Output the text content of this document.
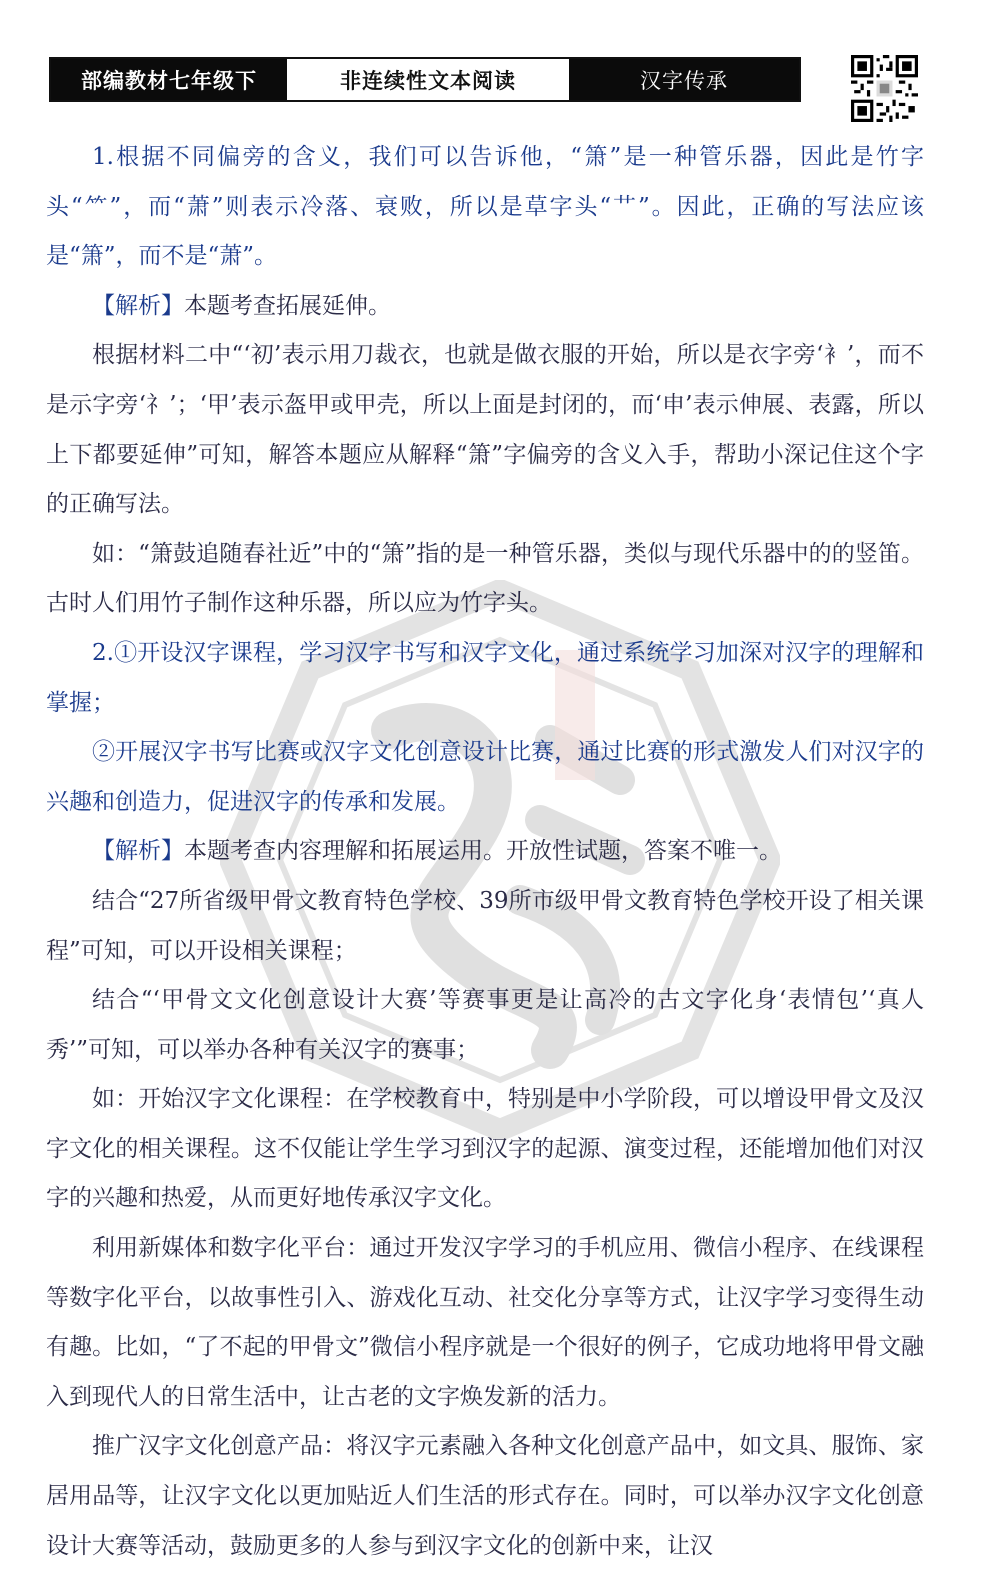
部编教材七年级下	非连续性文本阅读	汉字传承

1.根据不同偏旁的含义，我们可以告诉他，“箫”是一种管乐器，因此是竹字头“⺮”，而“萧”则表示冷落、衰败，所以是草字头“艹”。因此，正确的写法应该是“箫”，而不是“萧”。

【解析】本题考查拓展延伸。

根据材料二中“‘初’表示用刀裁衣，也就是做衣服的开始，所以是衣字旁‘衤’，而不是示字旁‘礻’；‘甲’表示盔甲或甲壳，所以上面是封闭的，而‘申’表示伸展、表露，所以上下都要延伸”可知，解答本题应从解释“箫”字偏旁的含义入手，帮助小深记住这个字的正确写法。

如：“箫鼓追随春社近”中的“箫”指的是一种管乐器，类似与现代乐器中的的竖笛。古时人们用竹子制作这种乐器，所以应为竹字头。

2.①开设汉字课程，学习汉字书写和汉字文化，通过系统学习加深对汉字的理解和掌握；

②开展汉字书写比赛或汉字文化创意设计比赛，通过比赛的形式激发人们对汉字的兴趣和创造力，促进汉字的传承和发展。

【解析】本题考查内容理解和拓展运用。开放性试题，答案不唯一。

结合“27所省级甲骨文教育特色学校、39所市级甲骨文教育特色学校开设了相关课程”可知，可以开设相关课程；

结合“‘甲骨文文化创意设计大赛’等赛事更是让高冷的古文字化身‘表情包’‘真人秀’”可知，可以举办各种有关汉字的赛事；

如：开始汉字文化课程：在学校教育中，特别是中小学阶段，可以增设甲骨文及汉字文化的相关课程。这不仅能让学生学习到汉字的起源、演变过程，还能增加他们对汉字的兴趣和热爱，从而更好地传承汉字文化。

利用新媒体和数字化平台：通过开发汉字学习的手机应用、微信小程序、在线课程等数字化平台，以故事性引入、游戏化互动、社交化分享等方式，让汉字学习变得生动有趣。比如，“了不起的甲骨文”微信小程序就是一个很好的例子，它成功地将甲骨文融入到现代人的日常生活中，让古老的文字焕发新的活力。

推广汉字文化创意产品：将汉字元素融入各种文化创意产品中，如文具、服饰、家居用品等，让汉字文化以更加贴近人们生活的形式存在。同时，可以举办汉字文化创意设计大赛等活动，鼓励更多的人参与到汉字文化的创新中来，让汉
